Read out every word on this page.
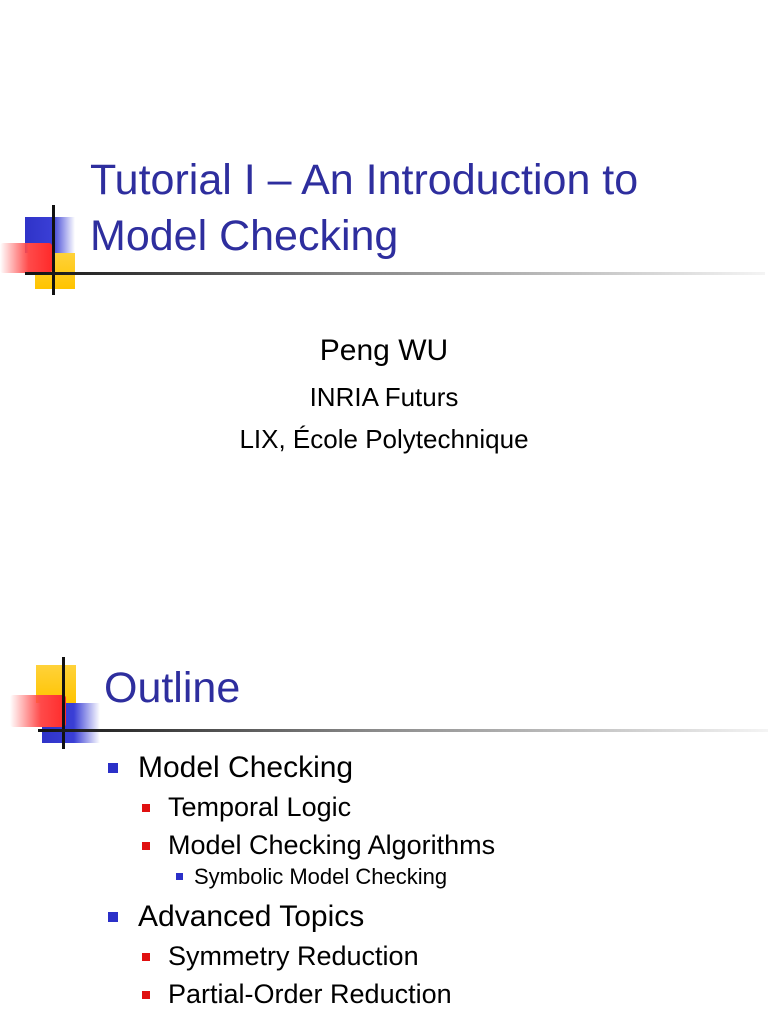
Tutorial I – An Introduction to Model Checking
Peng WU
INRIA Futurs
LIX, École Polytechnique
Outline
Model Checking
Temporal Logic
Model Checking Algorithms
Symbolic Model Checking
Advanced Topics
Symmetry Reduction
Partial-Order Reduction
